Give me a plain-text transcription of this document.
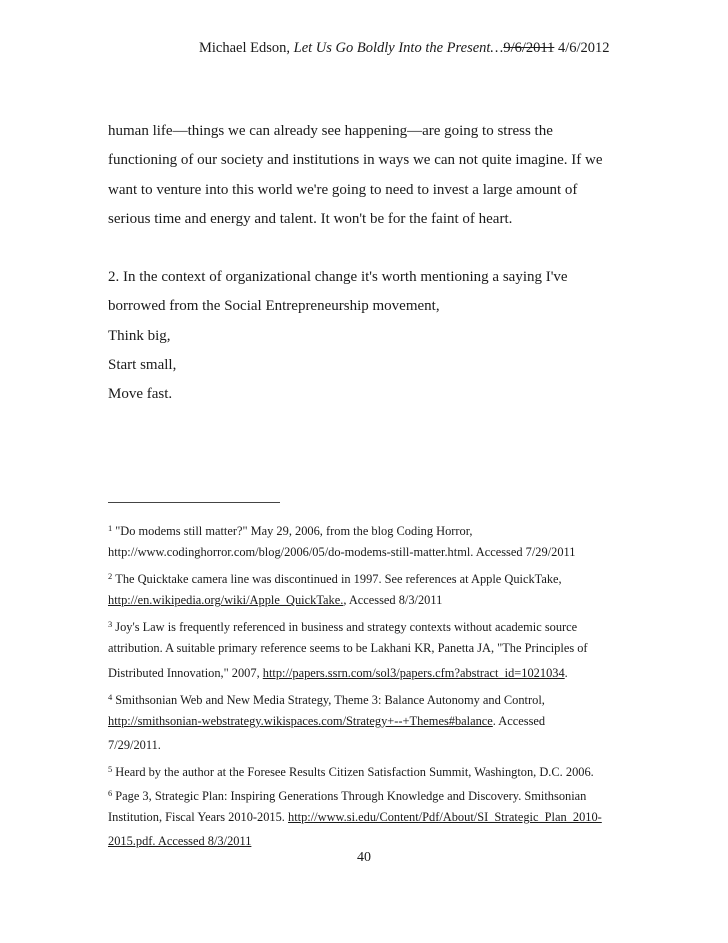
Michael Edson, Let Us Go Boldly Into the Present…9/6/2011 4/6/2012
human life—things we can already see happening—are going to stress the
functioning of our society and institutions in ways we can not quite imagine. If we
want to venture into this world we're going to need to invest a large amount of
serious time and energy and talent. It won't be for the faint of heart.
2. In the context of organizational change it's worth mentioning a saying I've
borrowed from the Social Entrepreneurship movement,
Think big,
Start small,
Move fast.
$^1$ "Do modems still matter?" May 29, 2006, from the blog Coding Horror,
http://www.codinghorror.com/blog/2006/05/do-modems-still-matter.html. Accessed 7/29/2011
$^2$ The Quicktake camera line was discontinued in 1997. See references at Apple QuickTake,
http://en.wikipedia.org/wiki/Apple_QuickTake., Accessed 8/3/2011
$^3$ Joy's Law is frequently referenced in business and strategy contexts without academic source
attribution. A suitable primary reference seems to be Lakhani KR, Panetta JA, "The Principles of
Distributed Innovation," 2007, http://papers.ssrn.com/sol3/papers.cfm?abstract_id=1021034.
$^4$ Smithsonian Web and New Media Strategy, Theme 3: Balance Autonomy and Control,
http://smithsonian-webstrategy.wikispaces.com/Strategy+--+Themes#balance. Accessed
7/29/2011.
$^5$ Heard by the author at the Foresee Results Citizen Satisfaction Summit, Washington, D.C. 2006.
$^6$ Page 3, Strategic Plan: Inspiring Generations Through Knowledge and Discovery. Smithsonian
Institution, Fiscal Years 2010-2015. http://www.si.edu/Content/Pdf/About/SI_Strategic_Plan_2010-
2015.pdf. Accessed 8/3/2011
40
